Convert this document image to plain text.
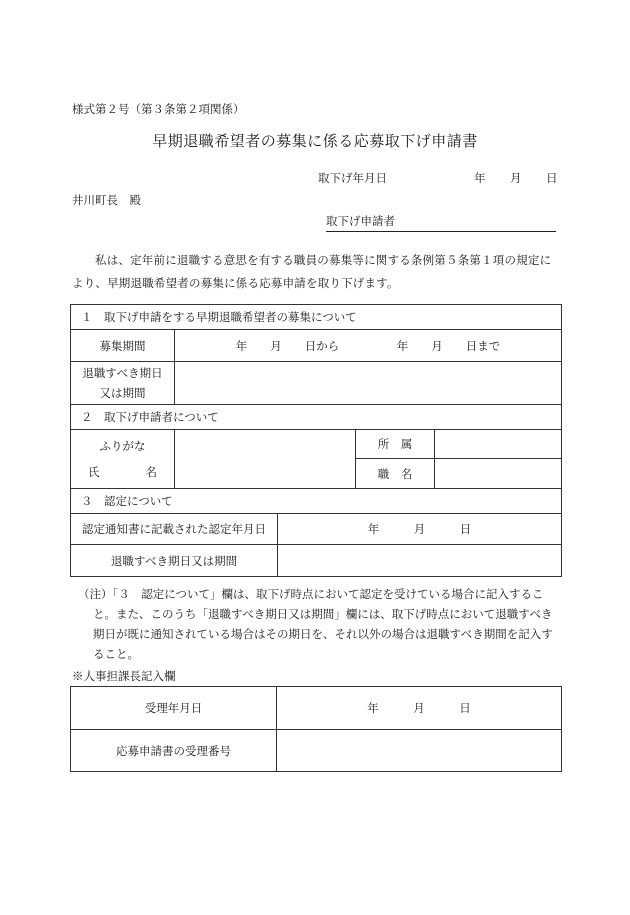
様式第２号（第３条第２項関係）
早期退職希望者の募集に係る応募取下げ申請書
取下げ年月日	年 月 日
井川町長　殿
取下げ申請者
私は、定年前に退職する意思を有する職員の募集等に関する条例第５条第１項の規定により、早期退職希望者の募集に係る応募申請を取り下げます。
１　取下げ申請をする早期退職希望者の募集について				
募集期間	年　　月　　日から　　　　　年　　月　　日まで			

退職すべき期日
又は期間				

２　取下げ申請者について				

ふりがな
氏　　　　名			所　属	
			職　名	
３　認定について				
認定通知書に記載された認定年月日		年　　　月　　　日		
退職すべき期日又は期間				
（注）「３　認定について」欄は、取下げ時点において認定を受けている場合に記入するこ
と。また、このうち「退職すべき期日又は期間」欄には、取下げ時点において退職すべき期日が既に通知されている場合はその期日を、それ以外の場合は退職すべき期間を記入すること。
※人事担課長記入欄
受理年月日	年　　　月　　　日
応募申請書の受理番号	
